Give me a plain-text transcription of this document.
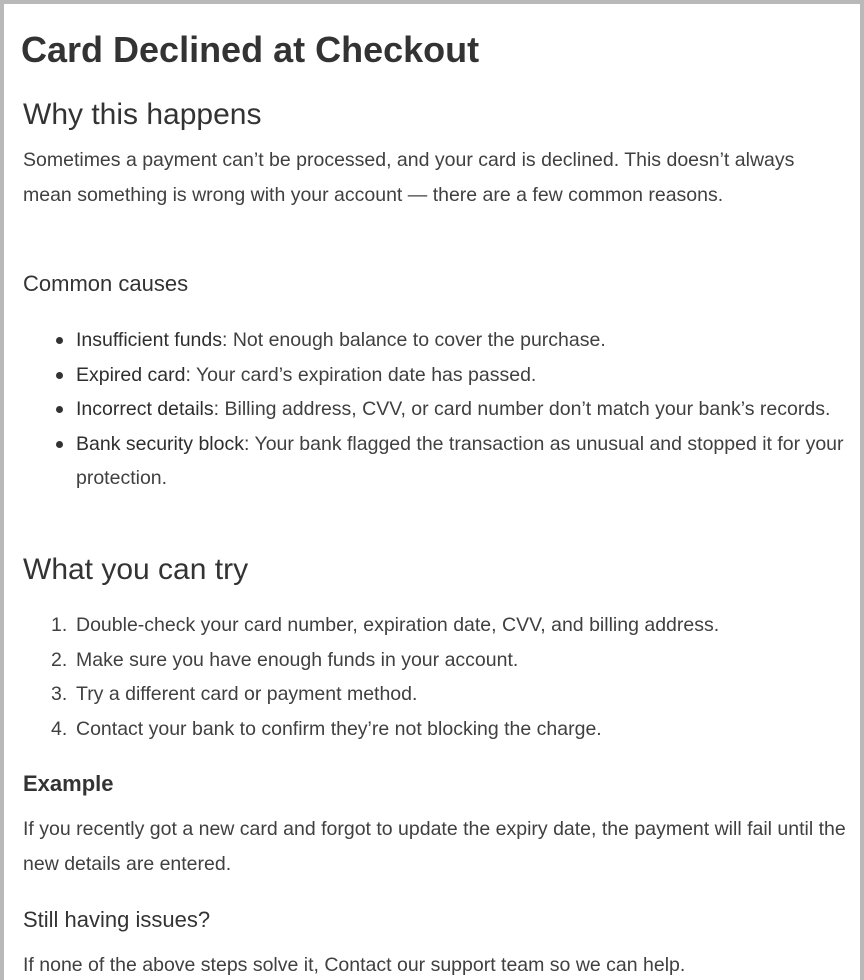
Card Declined at Checkout
Why this happens

Sometimes a payment can’t be processed, and your card is declined. This doesn’t always mean something is wrong with your account — there are a few common reasons.

Common causes
Insufficient funds: Not enough balance to cover the purchase.
Expired card: Your card’s expiration date has passed.
Incorrect details: Billing address, CVV, or card number don’t match your bank’s records.
Bank security block: Your bank flagged the transaction as unusual and stopped it for your protection.
What you can try
1. Double-check your card number, expiration date, CVV, and billing address.
2. Make sure you have enough funds in your account.
3. Try a different card or payment method.
4. Contact your bank to confirm they’re not blocking the charge.
Example

If you recently got a new card and forgot to update the expiry date, the payment will fail until the new details are entered.

Still having issues?

If none of the above steps solve it, Contact our support team so we can help.
